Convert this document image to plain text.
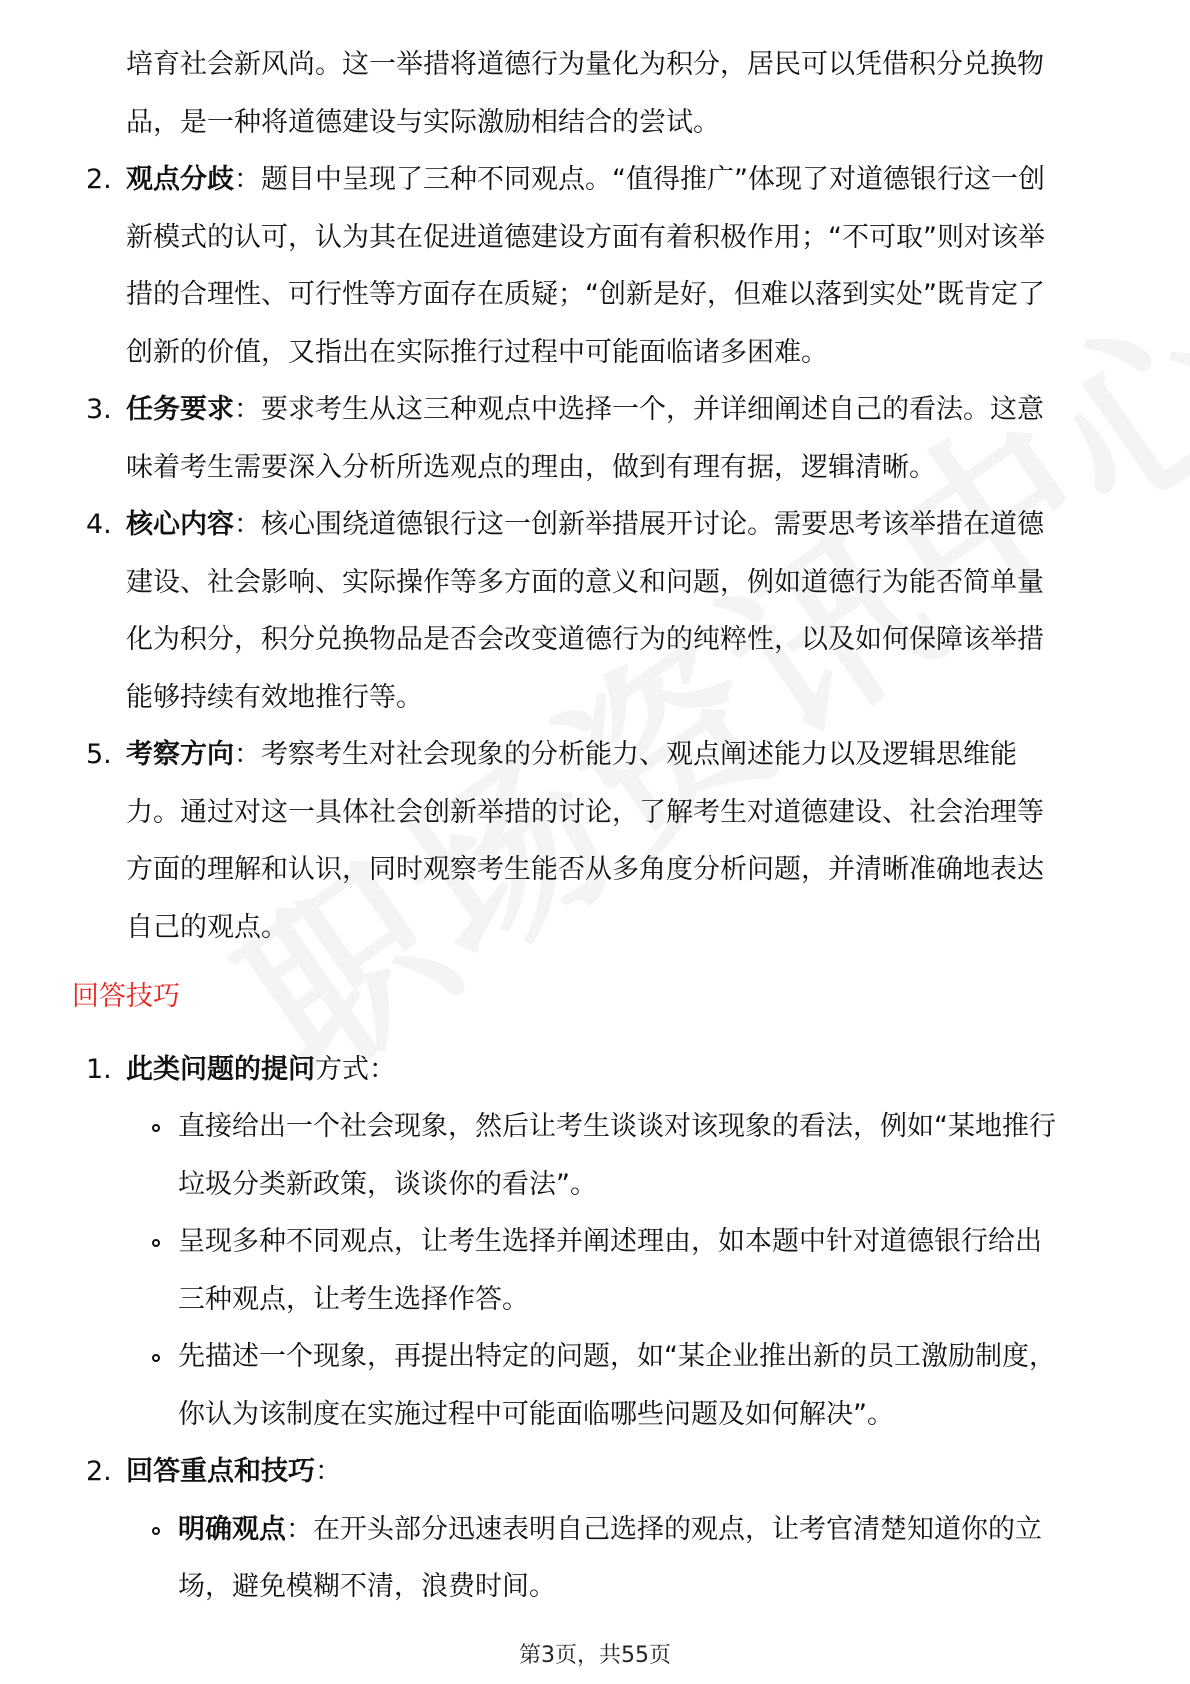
培育社会新风尚。这一举措将道德行为量化为积分，居民可以凭借积分兑换物
品，是一种将道德建设与实际激励相结合的尝试。
2. 观点分歧：题目中呈现了三种不同观点。“值得推广”体现了对道德银行这一创
新模式的认可，认为其在促进道德建设方面有着积极作用；“不可取”则对该举
措的合理性、可行性等方面存在质疑；“创新是好，但难以落到实处”既肯定了
创新的价值，又指出在实际推行过程中可能面临诸多困难。
3. 任务要求：要求考生从这三种观点中选择一个，并详细阐述自己的看法。这意
味着考生需要深入分析所选观点的理由，做到有理有据，逻辑清晰。
4. 核心内容：核心围绕道德银行这一创新举措展开讨论。需要思考该举措在道德
建设、社会影响、实际操作等多方面的意义和问题，例如道德行为能否简单量
化为积分，积分兑换物品是否会改变道德行为的纯粹性，以及如何保障该举措
能够持续有效地推行等。
5. 考察方向：考察考生对社会现象的分析能力、观点阐述能力以及逻辑思维能
力。通过对这一具体社会创新举措的讨论，了解考生对道德建设、社会治理等
方面的理解和认识，同时观察考生能否从多角度分析问题，并清晰准确地表达
自己的观点。
回答技巧
1. 此类问题的提问方式：
直接给出一个社会现象，然后让考生谈谈对该现象的看法，例如“某地推行
垃圾分类新政策，谈谈你的看法”。
呈现多种不同观点，让考生选择并阐述理由，如本题中针对道德银行给出
三种观点，让考生选择作答。
先描述一个现象，再提出特定的问题，如“某企业推出新的员工激励制度，
你认为该制度在实施过程中可能面临哪些问题及如何解决”。
2. 回答重点和技巧：
明确观点：在开头部分迅速表明自己选择的观点，让考官清楚知道你的立
场，避免模糊不清，浪费时间。
第3页，共55页
